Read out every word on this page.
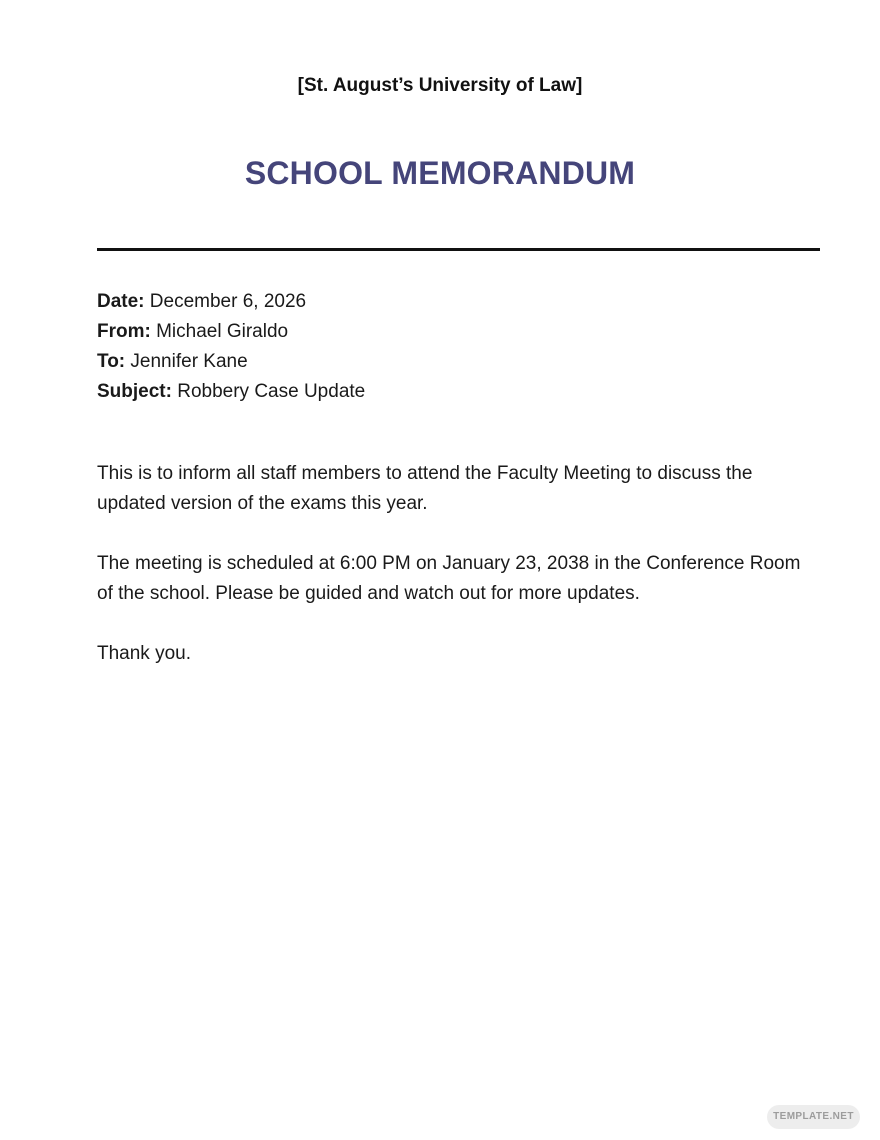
[St. August’s University of Law]
SCHOOL MEMORANDUM
Date: December 6, 2026
From: Michael Giraldo
To: Jennifer Kane
Subject: Robbery Case Update

This is to inform all staff members to attend the Faculty Meeting to discuss the updated version of the exams this year.

The meeting is scheduled at 6:00 PM on January 23, 2038 in the Conference Room of the school. Please be guided and watch out for more updates.

Thank you.

TEMPLATE.NET
